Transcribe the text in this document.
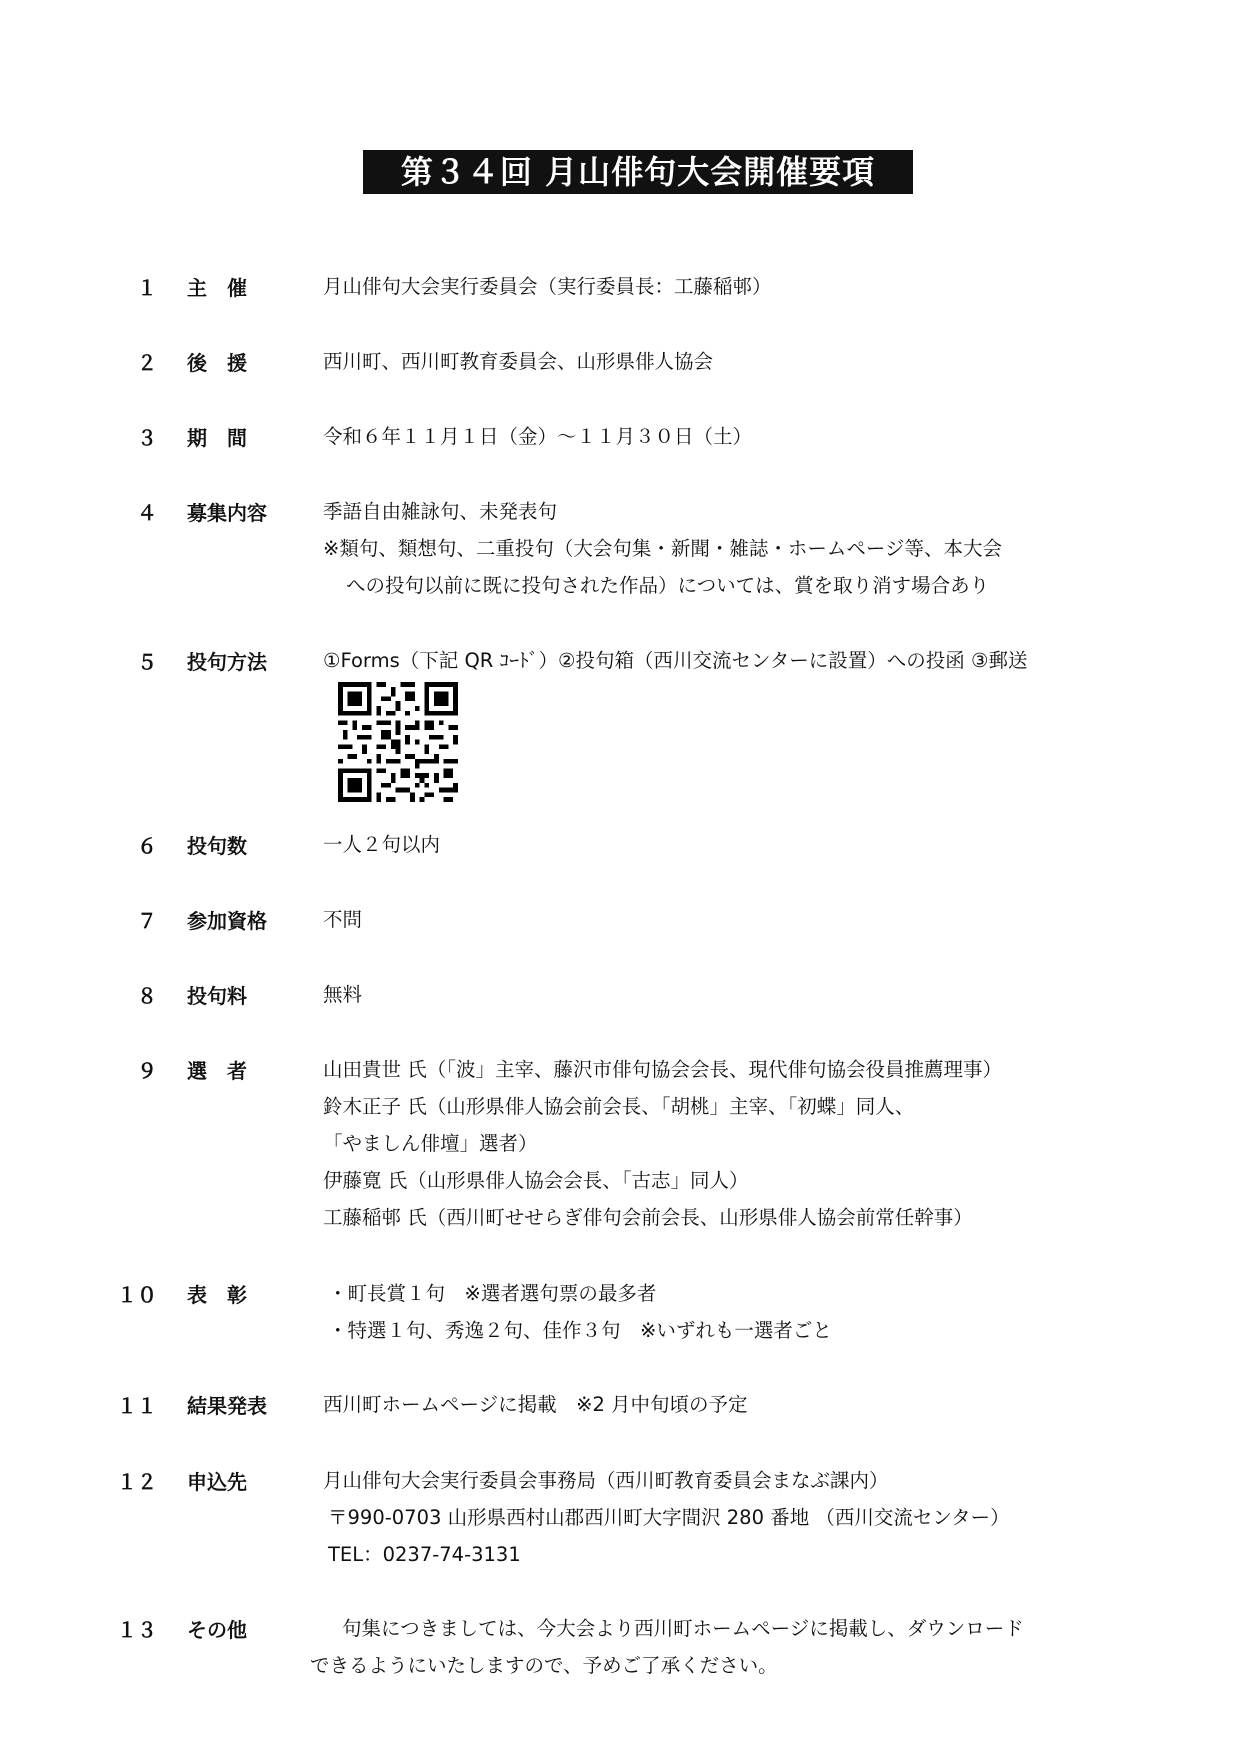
第３４回 月山俳句大会開催要項
１ 主　催	月山俳句大会実行委員会（実行委員長：工藤稲邨）
２ 後　援	西川町、西川町教育委員会、山形県俳人協会
３ 期　間	令和６年１１月１日（金）～１１月３０日（土）
４ 募集内容	季語自由雑詠句、未発表句
※類句、類想句、二重投句（大会句集・新聞・雑誌・ホームページ等、本大会
への投句以前に既に投句された作品）については、賞を取り消す場合あり
５ 投句方法	①Forms（下記 QR ｺｰﾄﾞ）②投句箱（西川交流センターに設置）への投函 ③郵送
６ 投句数	一人２句以内
７ 参加資格	不問
８ 投句料	無料
９ 選　者	山田貴世 氏（「波」主宰、藤沢市俳句協会会長、現代俳句協会役員推薦理事）
鈴木正子 氏（山形県俳人協会前会長、「胡桃」主宰、「初蝶」同人、
「やましん俳壇」選者）
伊藤寛 氏（山形県俳人協会会長、「古志」同人）
工藤稲邨 氏（西川町せせらぎ俳句会前会長、山形県俳人協会前常任幹事）
１０ 表　彰	・町長賞１句　※選者選句票の最多者
・特選１句、秀逸２句、佳作３句　※いずれも一選者ごと
１１ 結果発表	西川町ホームページに掲載　※2 月中旬頃の予定
１２ 申込先	月山俳句大会実行委員会事務局（西川町教育委員会まなぶ課内）
〒990-0703 山形県西村山郡西川町大字間沢 280 番地 （西川交流センター）
TEL：0237-74-3131
１３ その他	句集につきましては、今大会より西川町ホームページに掲載し、ダウンロード
できるようにいたしますので、予めご了承ください。
